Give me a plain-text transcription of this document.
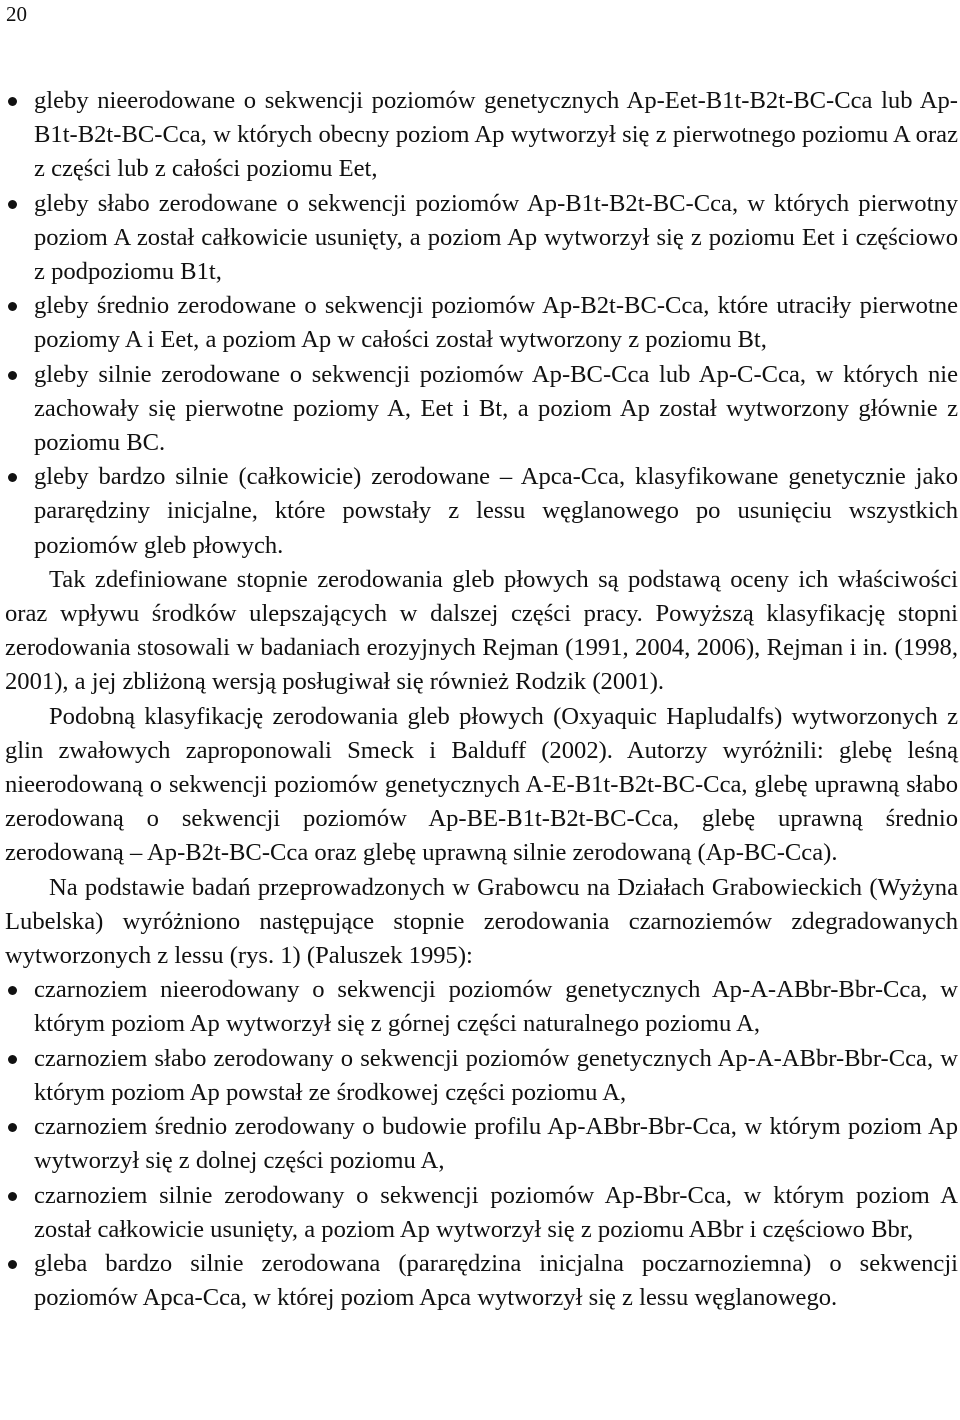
20
gleby nieerodowane o sekwencji poziomów genetycznych Ap-Eet-B1t-B2t-BC-Cca lub Ap-B1t-B2t-BC-Cca, w których obecny poziom Ap wytworzył się z pierwotnego poziomu A oraz z części lub z całości poziomu Eet,
gleby słabo zerodowane o sekwencji poziomów Ap-B1t-B2t-BC-Cca, w których pierwotny poziom A został całkowicie usunięty, a poziom Ap wytworzył się z poziomu Eet i częściowo z podpoziomu B1t,
gleby średnio zerodowane o sekwencji poziomów Ap-B2t-BC-Cca, które utraciły pierwotne poziomy A i Eet, a poziom Ap w całości został wytworzony z poziomu Bt,
gleby silnie zerodowane o sekwencji poziomów Ap-BC-Cca lub Ap-C-Cca, w których nie zachowały się pierwotne poziomy A, Eet i Bt, a poziom Ap został wytworzony głównie z poziomu BC.
gleby bardzo silnie (całkowicie) zerodowane – Apca-Cca, klasyfikowane genetycznie jako pararędziny inicjalne, które powstały z lessu węglanowego po usunięciu wszystkich poziomów gleb płowych.

Tak zdefiniowane stopnie zerodowania gleb płowych są podstawą oceny ich właściwości oraz wpływu środków ulepszających w dalszej części pracy. Powyższą klasyfikację stopni zerodowania stosowali w badaniach erozyjnych Rejman (1991, 2004, 2006), Rejman i in. (1998, 2001), a jej zbliżoną wersją posługiwał się również Rodzik (2001).

Podobną klasyfikację zerodowania gleb płowych (Oxyaquic Hapludalfs) wytworzonych z glin zwałowych zaproponowali Smeck i Balduff (2002). Autorzy wyróżnili: glebę leśną nieerodowaną o sekwencji poziomów genetycznych A-E-B1t-B2t-BC-Cca, glebę uprawną słabo zerodowaną o sekwencji poziomów Ap-BE-B1t-B2t-BC-Cca, glebę uprawną średnio zerodowaną – Ap-B2t-BC-Cca oraz glebę uprawną silnie zerodowaną (Ap-BC-Cca).

Na podstawie badań przeprowadzonych w Grabowcu na Działach Grabowieckich (Wyżyna Lubelska) wyróżniono następujące stopnie zerodowania czarnoziemów zdegradowanych wytworzonych z lessu (rys. 1) (Paluszek 1995):

czarnoziem nieerodowany o sekwencji poziomów genetycznych Ap-A-ABbr-Bbr-Cca, w którym poziom Ap wytworzył się z górnej części naturalnego poziomu A,
czarnoziem słabo zerodowany o sekwencji poziomów genetycznych Ap-A-ABbr-Bbr-Cca, w którym poziom Ap powstał ze środkowej części poziomu A,
czarnoziem średnio zerodowany o budowie profilu Ap-ABbr-Bbr-Cca, w którym poziom Ap wytworzył się z dolnej części poziomu A,
czarnoziem silnie zerodowany o sekwencji poziomów Ap-Bbr-Cca, w którym poziom A został całkowicie usunięty, a poziom Ap wytworzył się z poziomu ABbr i częściowo Bbr,
gleba bardzo silnie zerodowana (pararędzina inicjalna poczarnoziemna) o sekwencji poziomów Apca-Cca, w której poziom Apca wytworzył się z lessu węglanowego.
